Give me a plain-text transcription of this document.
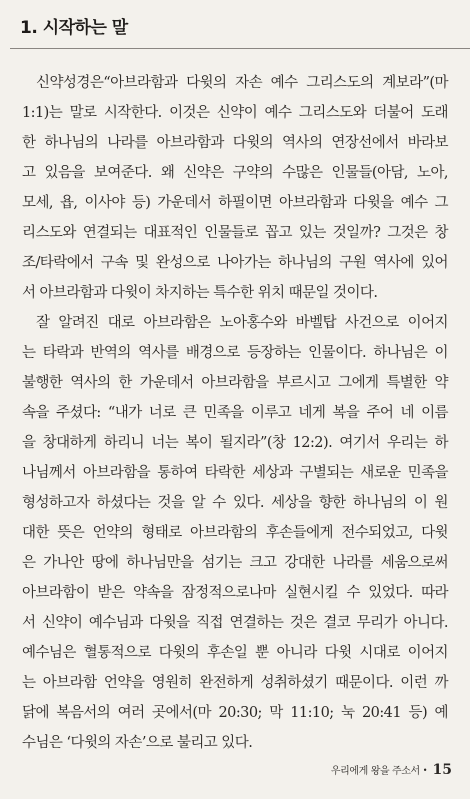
1. 시작하는 말
신약성경은“아브라함과 다윗의 자손 예수 그리스도의 계보라”(마
1:1)는 말로 시작한다. 이것은 신약이 예수 그리스도와 더불어 도래
한 하나님의 나라를 아브라함과 다윗의 역사의 연장선에서 바라보
고 있음을 보여준다. 왜 신약은 구약의 수많은 인물들(아담, 노아,
모세, 욥, 이사야 등) 가운데서 하필이면 아브라함과 다윗을 예수 그
리스도와 연결되는 대표적인 인물들로 꼽고 있는 것일까? 그것은 창
조/타락에서 구속 및 완성으로 나아가는 하나님의 구원 역사에 있어
서 아브라함과 다윗이 차지하는 특수한 위치 때문일 것이다.
잘 알려진 대로 아브라함은 노아홍수와 바벨탑 사건으로 이어지
는 타락과 반역의 역사를 배경으로 등장하는 인물이다. 하나님은 이
불행한 역사의 한 가운데서 아브라함을 부르시고 그에게 특별한 약
속을 주셨다: “내가 너로 큰 민족을 이루고 네게 복을 주어 네 이름
을 창대하게 하리니 너는 복이 될지라”(창 12:2). 여기서 우리는 하
나님께서 아브라함을 통하여 타락한 세상과 구별되는 새로운 민족을
형성하고자 하셨다는 것을 알 수 있다. 세상을 향한 하나님의 이 원
대한 뜻은 언약의 형태로 아브라함의 후손들에게 전수되었고, 다윗
은 가나안 땅에 하나님만을 섬기는 크고 강대한 나라를 세움으로써
아브라함이 받은 약속을 잠정적으로나마 실현시킬 수 있었다. 따라
서 신약이 예수님과 다윗을 직접 연결하는 것은 결코 무리가 아니다.
예수님은 혈통적으로 다윗의 후손일 뿐 아니라 다윗 시대로 이어지
는 아브라함 언약을 영원히 완전하게 성취하셨기 때문이다. 이런 까
닭에 복음서의 여러 곳에서(마 20:30; 막 11:10; 눅 20:41 등) 예
수님은 ‘다윗의 자손’으로 불리고 있다.
우리에게 왕을 주소서 • 15
